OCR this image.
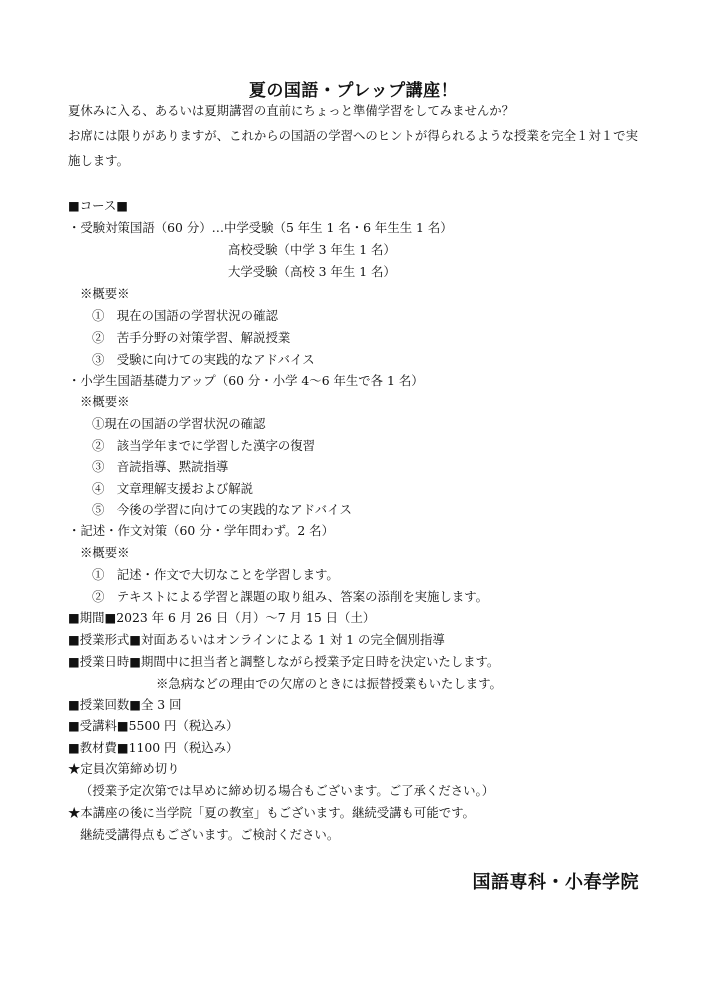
夏の国語・プレップ講座！
夏休みに入る、あるいは夏期講習の直前にちょっと準備学習をしてみませんか？
お席には限りがありますが、これからの国語の学習へのヒントが得られるような授業を完全１対１で実
施します。
■コース■
・受験対策国語（60 分）…中学受験（5 年生 1 名・6 年生生 1 名）
高校受験（中学 3 年生 1 名）
大学受験（高校 3 年生 1 名）
※概要※
①　現在の国語の学習状況の確認
②　苦手分野の対策学習、解説授業
③　受験に向けての実践的なアドバイス
・小学生国語基礎力アップ（60 分・小学 4～6 年生で各 1 名）
※概要※
①現在の国語の学習状況の確認
②　該当学年までに学習した漢字の復習
③　音読指導、黙読指導
④　文章理解支援および解説
⑤　今後の学習に向けての実践的なアドバイス
・記述・作文対策（60 分・学年問わず。2 名）
※概要※
①　記述・作文で大切なことを学習します。
②　テキストによる学習と課題の取り組み、答案の添削を実施します。
■期間■2023 年 6 月 26 日（月）～7 月 15 日（土）
■授業形式■対面あるいはオンラインによる 1 対 1 の完全個別指導
■授業日時■期間中に担当者と調整しながら授業予定日時を決定いたします。
※急病などの理由での欠席のときには振替授業もいたします。
■授業回数■全 3 回
■受講料■5500 円（税込み）
■教材費■1100 円（税込み）
★定員次第締め切り
（授業予定次第では早めに締め切る場合もございます。ご了承ください。）
★本講座の後に当学院「夏の教室」もございます。継続受講も可能です。
継続受講得点もございます。ご検討ください。
国語専科・小春学院
